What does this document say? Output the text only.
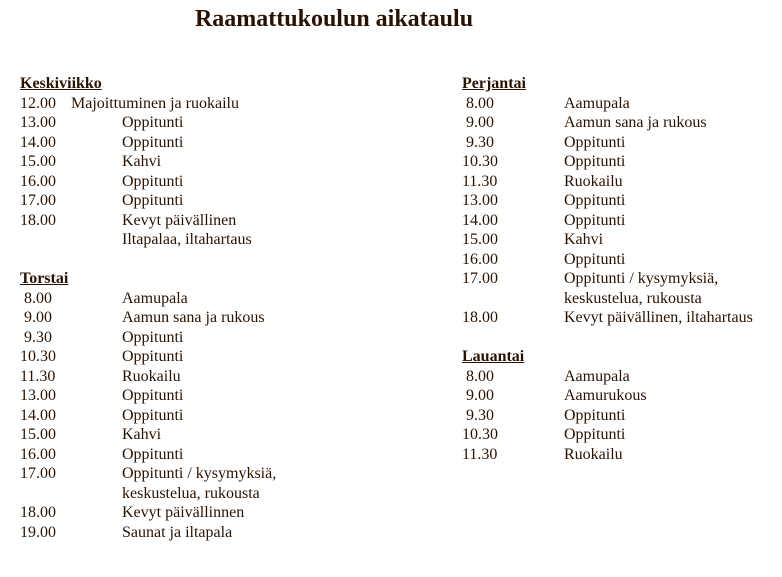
Raamattukoulun aikataulu
Keskiviikko
12.00 Majoittuminen ja ruokailu
13.00	Oppitunti
14.00	Oppitunti
15.00	Kahvi
16.00	Oppitunti
17.00	Oppitunti
18.00	Kevyt päivällinen
Iltapalaa, iltahartaus
Torstai
8.00	Aamupala
9.00	Aamun sana ja rukous
9.30	Oppitunti
10.30	Oppitunti
11.30	Ruokailu
13.00	Oppitunti
14.00	Oppitunti
15.00	Kahvi
16.00	Oppitunti
17.00	Oppitunti / kysymyksiä,
keskustelua, rukousta
18.00	Kevyt päivällinnen
19.00	Saunat ja iltapala
Perjantai
8.00	Aamupala
9.00	Aamun sana ja rukous
9.30	Oppitunti
10.30	Oppitunti
11.30	Ruokailu
13.00	Oppitunti
14.00	Oppitunti
15.00	Kahvi
16.00	Oppitunti
17.00	Oppitunti / kysymyksiä,
keskustelua, rukousta
18.00	Kevyt päivällinen, iltahartaus
Lauantai
8.00	Aamupala
9.00	Aamurukous
9.30	Oppitunti
10.30	Oppitunti
11.30	Ruokailu
